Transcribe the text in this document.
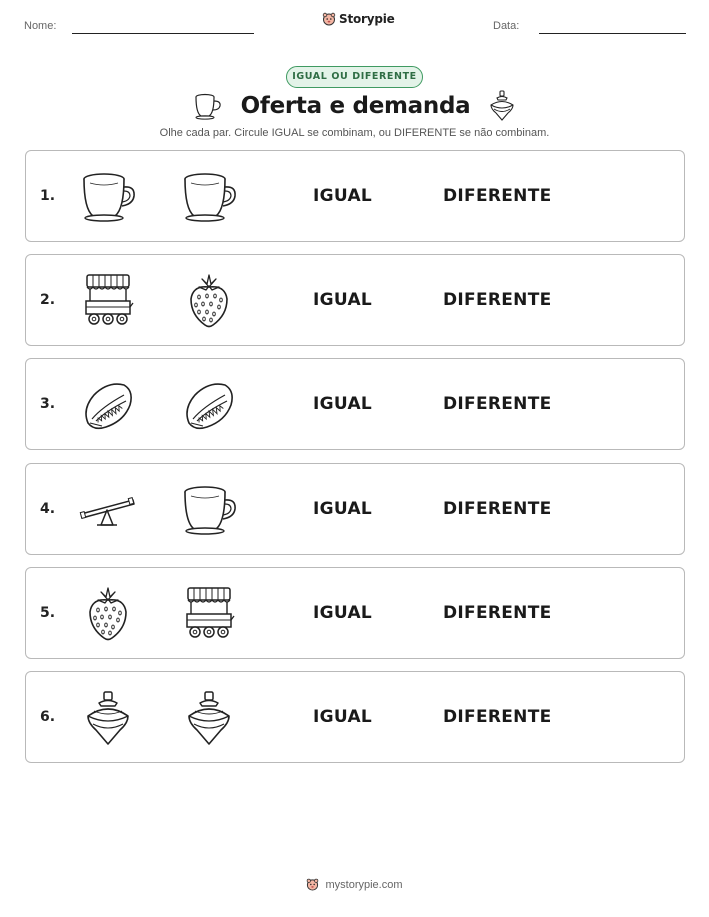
Nome:	Storypie	Data:
IGUAL OU DIFERENTE
Oferta e demanda
Olhe cada par. Circule IGUAL se combinam, ou DIFERENTE se não combinam.
1.	IGUAL	DIFERENTE
2.	IGUAL	DIFERENTE
3.	IGUAL	DIFERENTE
4.	IGUAL	DIFERENTE
5.	IGUAL	DIFERENTE
6.	IGUAL	DIFERENTE
mystorypie.com
